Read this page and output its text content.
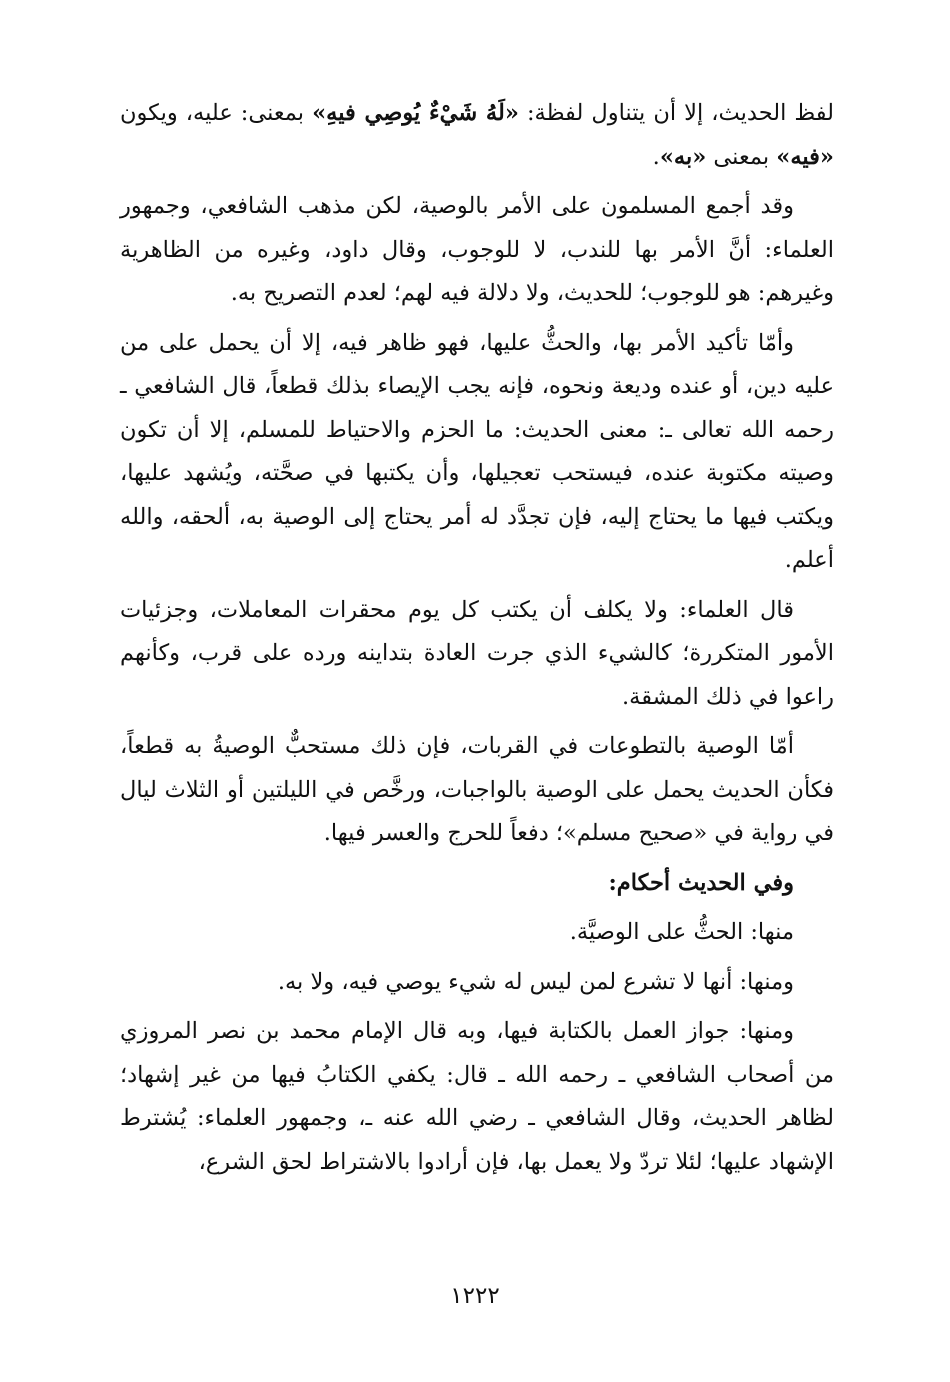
لفظ الحديث، إلا أن يتناول لفظة: «لَهُ شَيْءٌ يُوصِي فيهِ» بمعنى: عليه، ويكون «فيه» بمعنى «به».

وقد أجمع المسلمون على الأمر بالوصية، لكن مذهب الشافعي، وجمهور العلماء: أنَّ الأمر بها للندب، لا للوجوب، وقال داود، وغيره من الظاهرية وغيرهم: هو للوجوب؛ للحديث، ولا دلالة فيه لهم؛ لعدم التصريح به.

وأمّا تأكيد الأمر بها، والحثُّ عليها، فهو ظاهر فيه، إلا أن يحمل على من عليه دين، أو عنده وديعة ونحوه، فإنه يجب الإيصاء بذلك قطعاً، قال الشافعي ـ رحمه الله تعالى ـ: معنى الحديث: ما الحزم والاحتياط للمسلم، إلا أن تكون وصيته مكتوبة عنده، فيستحب تعجيلها، وأن يكتبها في صحَّته، ويُشهد عليها، ويكتب فيها ما يحتاج إليه، فإن تجدَّد له أمر يحتاج إلى الوصية به، ألحقه، والله أعلم.

قال العلماء: ولا يكلف أن يكتب كل يوم محقرات المعاملات، وجزئيات الأمور المتكررة؛ كالشيء الذي جرت العادة بتداينه ورده على قرب، وكأنهم راعوا في ذلك المشقة.

أمّا الوصية بالتطوعات في القربات، فإن ذلك مستحبٌّ الوصيةُ به قطعاً، فكأن الحديث يحمل على الوصية بالواجبات، ورخَّص في الليلتين أو الثلاث ليال في رواية في «صحيح مسلم»؛ دفعاً للحرج والعسر فيها.

وفي الحديث أحكام:

منها: الحثُّ على الوصيَّة.

ومنها: أنها لا تشرع لمن ليس له شيء يوصي فيه، ولا به.

ومنها: جواز العمل بالكتابة فيها، وبه قال الإمام محمد بن نصر المروزي من أصحاب الشافعي ـ رحمه الله ـ قال: يكفي الكتابُ فيها من غير إشهاد؛ لظاهر الحديث، وقال الشافعي ـ رضي الله عنه ـ، وجمهور العلماء: يُشترط الإشهاد عليها؛ لئلا تردّ ولا يعمل بها، فإن أرادوا بالاشتراط لحق الشرع،

١٢٢٢
